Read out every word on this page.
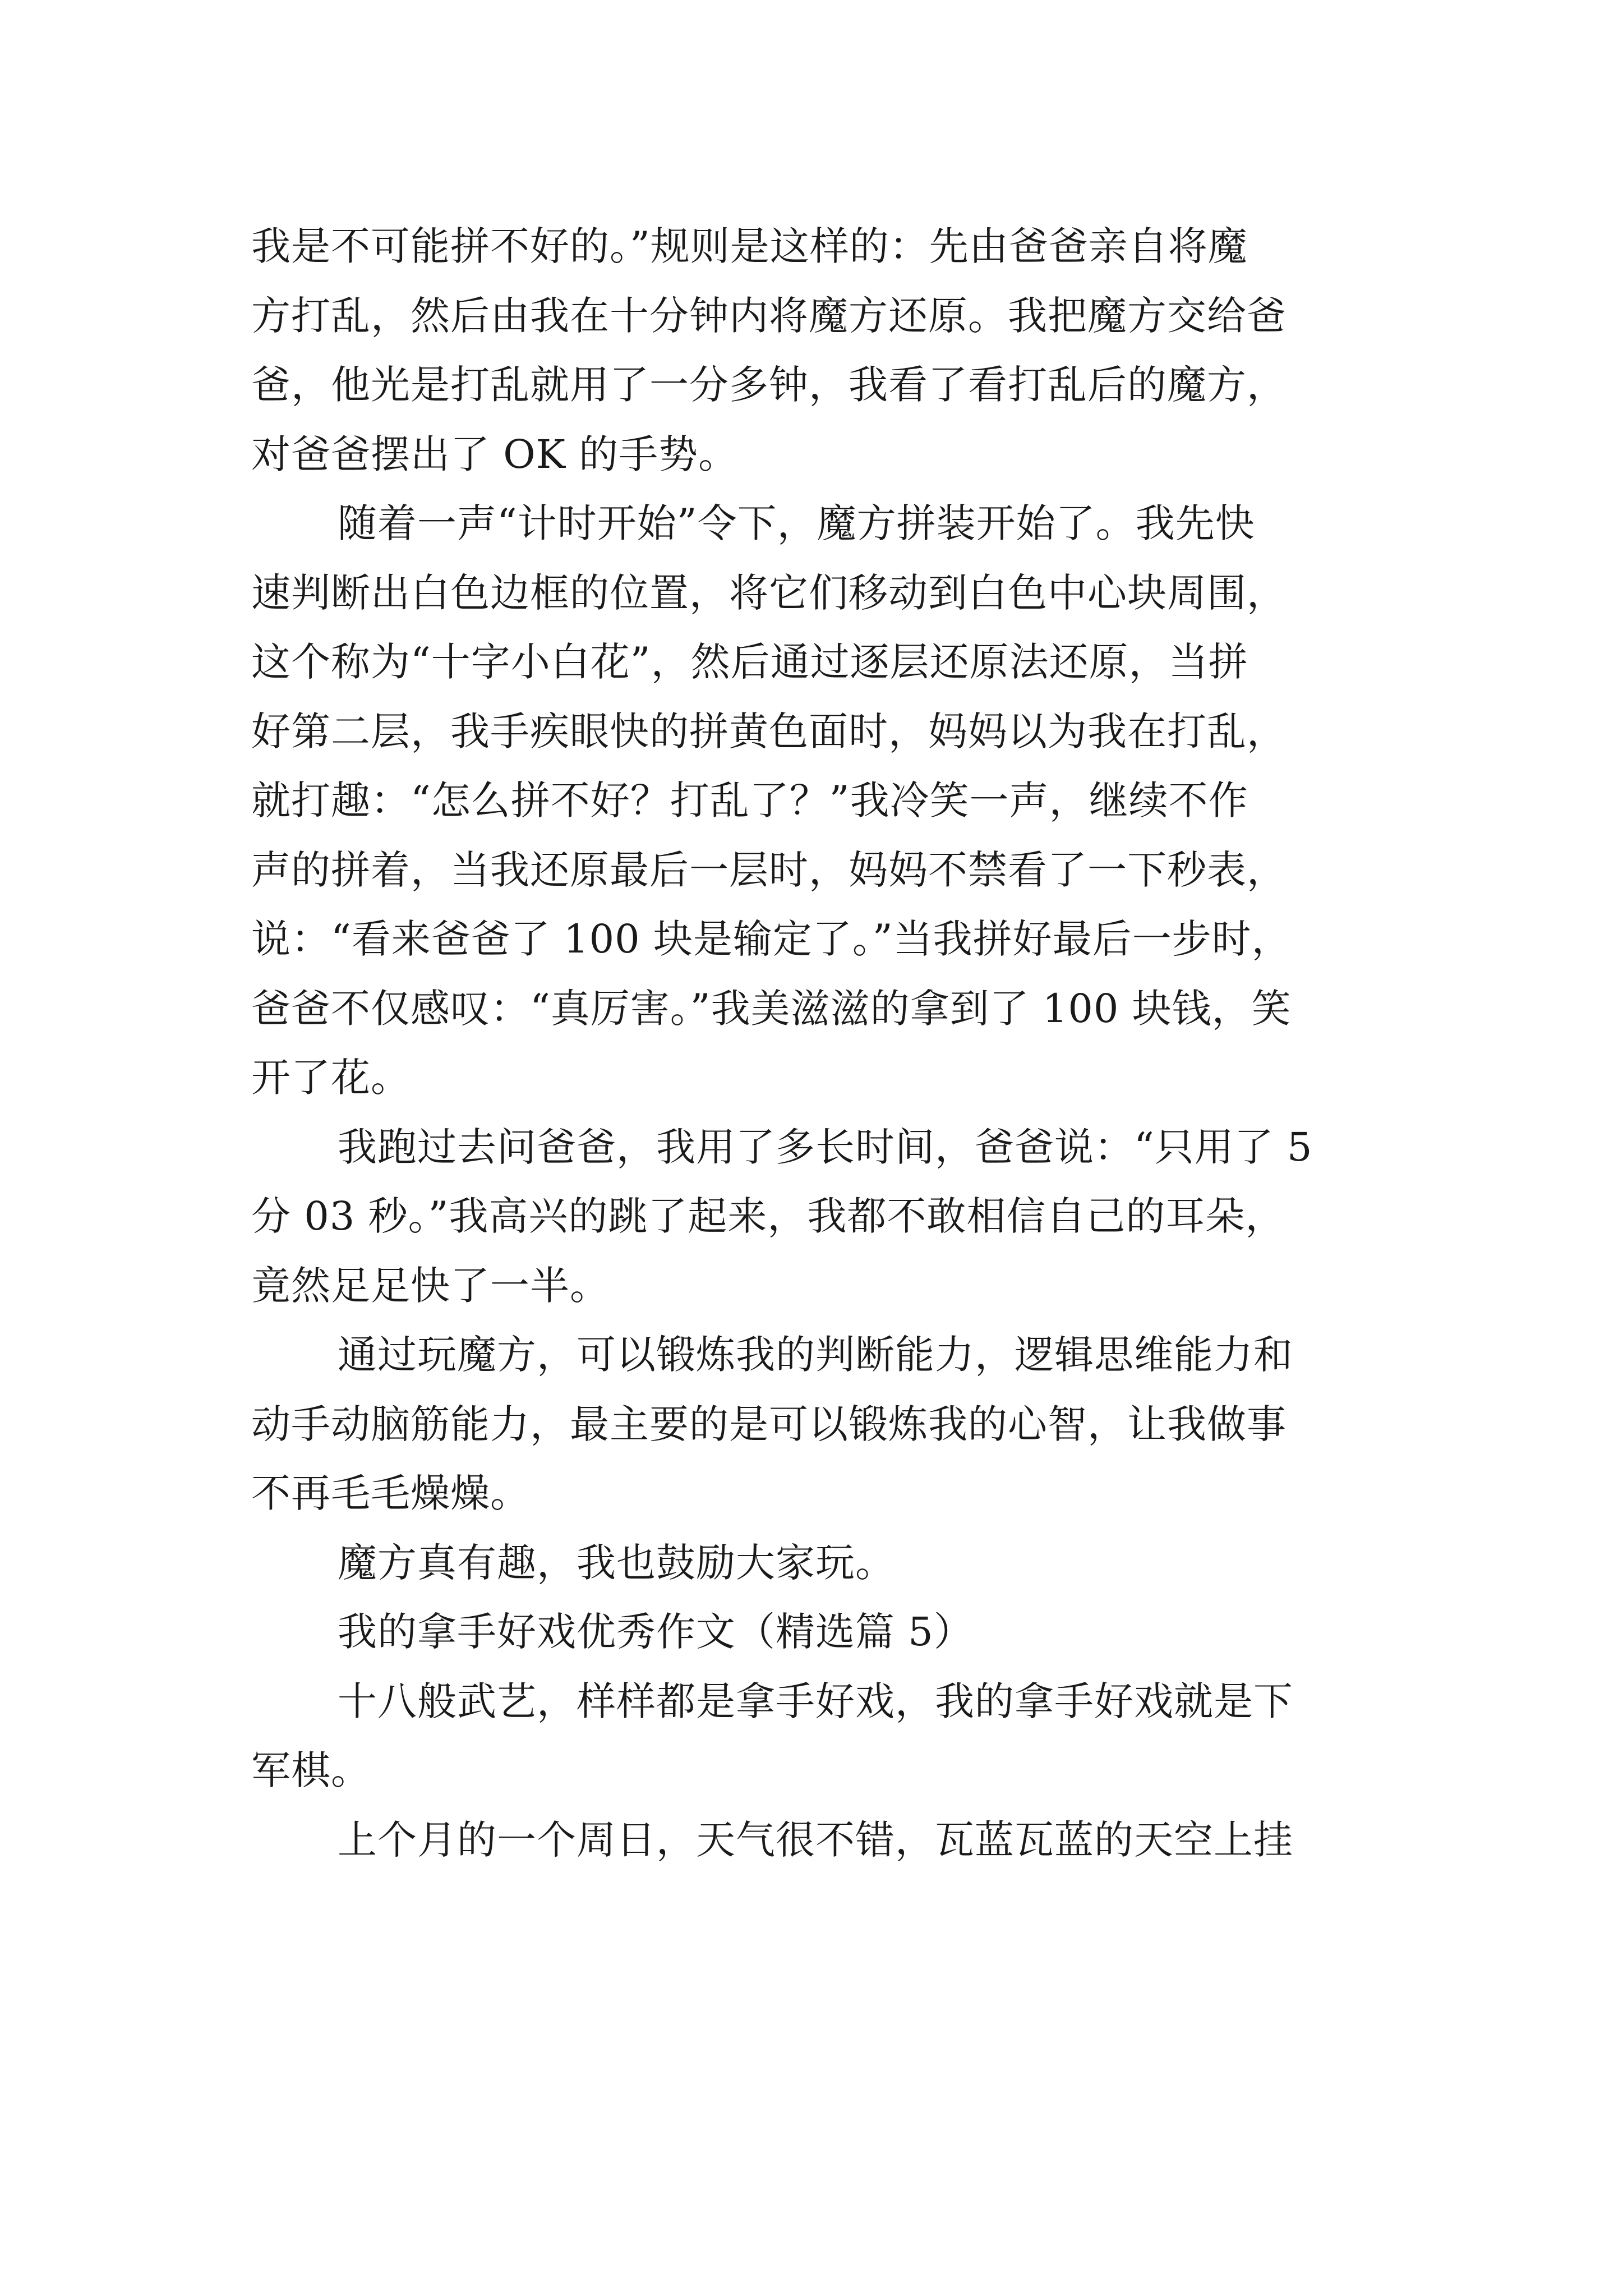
我是不可能拼不好的。”规则是这样的：先由爸爸亲自将魔
方打乱，然后由我在十分钟内将魔方还原。我把魔方交给爸
爸，他光是打乱就用了一分多钟，我看了看打乱后的魔方，
对爸爸摆出了 OK 的手势。
随着一声“计时开始”令下，魔方拼装开始了。我先快
速判断出白色边框的位置，将它们移动到白色中心块周围，
这个称为“十字小白花”，然后通过逐层还原法还原，当拼
好第二层，我手疾眼快的拼黄色面时，妈妈以为我在打乱，
就打趣：“怎么拼不好？打乱了？”我冷笑一声，继续不作
声的拼着，当我还原最后一层时，妈妈不禁看了一下秒表，
说：“看来爸爸了 100 块是输定了。”当我拼好最后一步时，
爸爸不仅感叹：“真厉害。”我美滋滋的拿到了 100 块钱，笑
开了花。
我跑过去问爸爸，我用了多长时间，爸爸说：“只用了 5
分 03 秒。”我高兴的跳了起来，我都不敢相信自己的耳朵，
竟然足足快了一半。
通过玩魔方，可以锻炼我的判断能力，逻辑思维能力和
动手动脑筋能力，最主要的是可以锻炼我的心智，让我做事
不再毛毛燥燥。
魔方真有趣，我也鼓励大家玩。
我的拿手好戏优秀作文（精选篇 5）
十八般武艺，样样都是拿手好戏，我的拿手好戏就是下
军棋。
上个月的一个周日，天气很不错，瓦蓝瓦蓝的天空上挂
